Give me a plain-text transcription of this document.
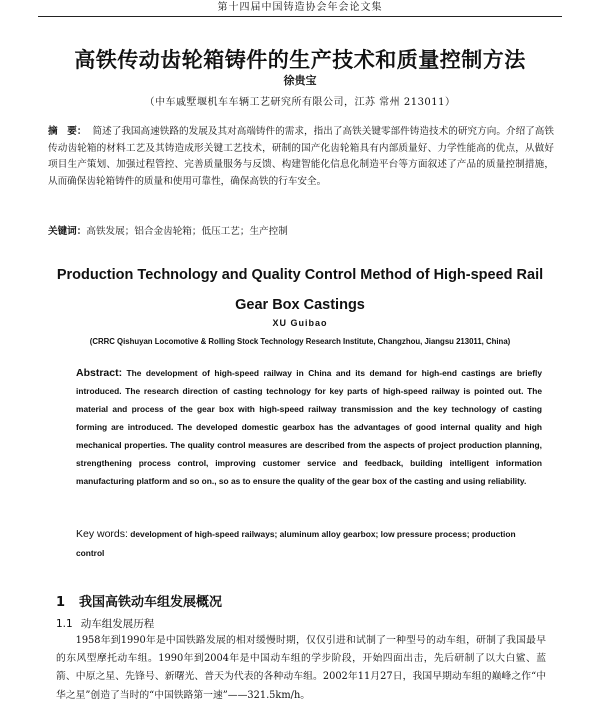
第十四届中国铸造协会年会论文集
高铁传动齿轮箱铸件的生产技术和质量控制方法
徐贵宝
（中车戚墅堰机车车辆工艺研究所有限公司，江苏 常州 213011）
摘　要： 简述了我国高速铁路的发展及其对高端铸件的需求，指出了高铁关键零部件铸造技术的研究方向。介绍了高铁传动齿轮箱的材料工艺及其铸造成形关键工艺技术，研制的国产化齿轮箱具有内部质量好、力学性能高的优点，从做好项目生产策划、加强过程管控、完善质量服务与反馈、构建智能化信息化制造平台等方面叙述了产品的质量控制措施，从而确保齿轮箱铸件的质量和使用可靠性，确保高铁的行车安全。
关键词：高铁发展；铝合金齿轮箱；低压工艺；生产控制
Production Technology and Quality Control Method of High-speed Rail Gear Box Castings
XU Guibao
(CRRC Qishuyan Locomotive & Rolling Stock Technology Research Institute, Changzhou, Jiangsu 213011, China)
Abstract: The development of high-speed railway in China and its demand for high-end castings are briefly introduced. The research direction of casting technology for key parts of high-speed railway is pointed out. The material and process of the gear box with high-speed railway transmission and the key technology of casting forming are introduced. The developed domestic gearbox has the advantages of good internal quality and high mechanical properties. The quality control measures are described from the aspects of project production planning, strengthening process control, improving customer service and feedback, building intelligent information manufacturing platform and so on., so as to ensure the quality of the gear box of the casting and using reliability.
Key words: development of high-speed railways; aluminum alloy gearbox; low pressure process; production control
1 我国高铁动车组发展概况
1.1 动车组发展历程
1958年到1990年是中国铁路发展的相对缓慢时期，仅仅引进和试制了一种型号的动车组，研制了我国最早的东风型摩托动车组。1990年到2004年是中国动车组的学步阶段，开始四面出击，先后研制了以大白鲨、蓝箭、中原之星、先锋号、新曙光、普天为代表的各种动车组。2002年11月27日，我国早期动车组的巅峰之作“中华之星”创造了当时的“中国铁路第一速”——321.5km/h。
